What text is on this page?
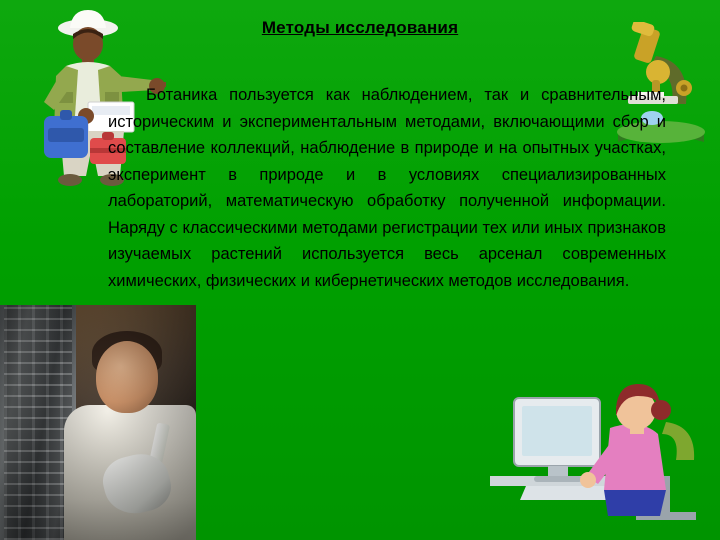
Методы исследования
Ботаника пользуется как наблюдением, так и сравнительным, историческим и экспериментальным методами, включающими сбор и составление коллекций, наблюдение в природе и на опытных участках, эксперимент в природе и в условиях специализированных лабораторий, математическую обработку полученной информации. Наряду с классическими методами регистрации тех или иных признаков изучаемых растений используется весь арсенал современных химических, физических и кибернетических методов исследования.
